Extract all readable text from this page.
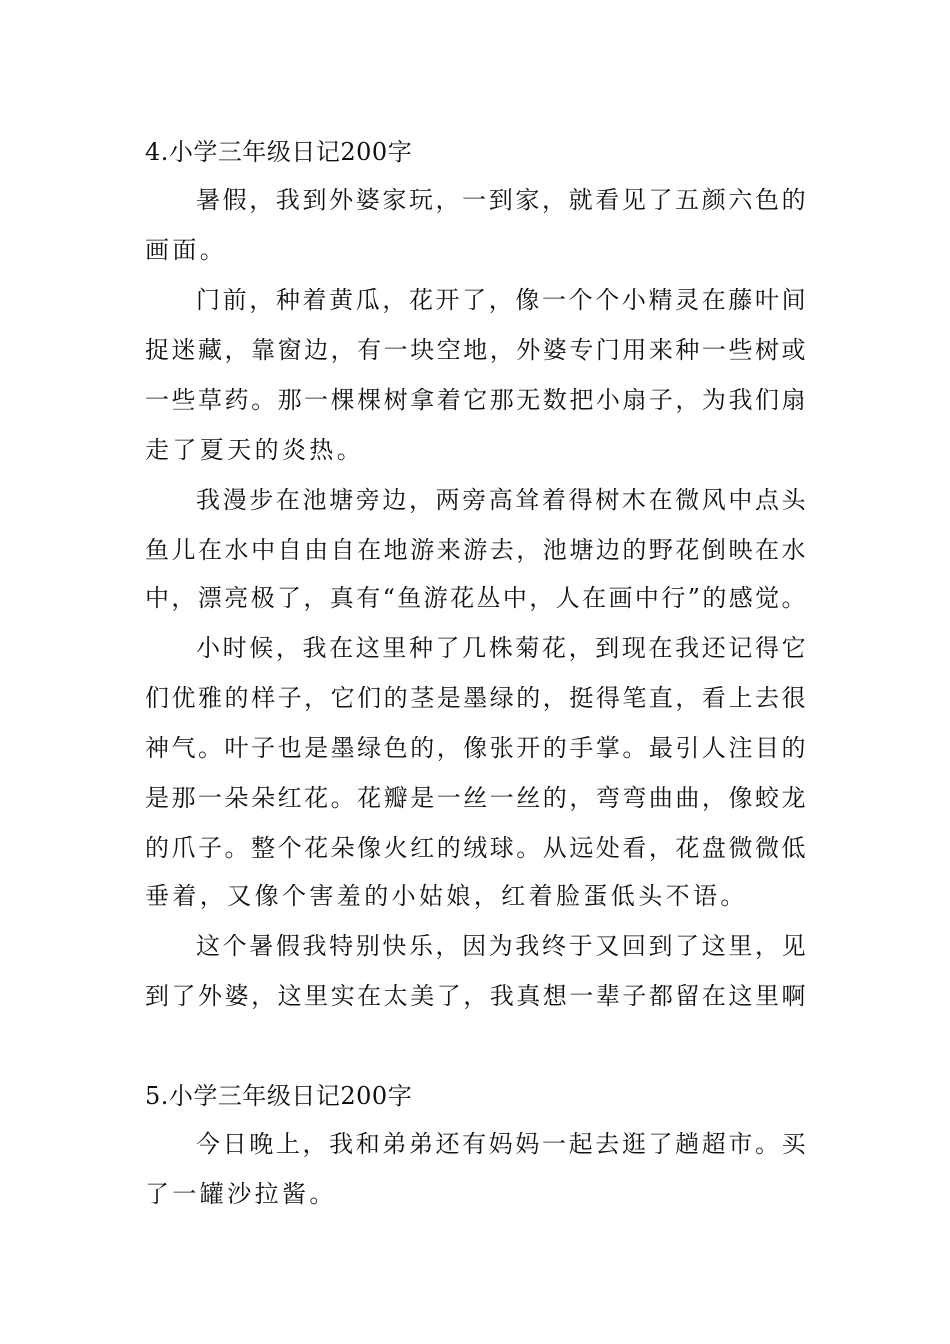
4.小学三年级日记200字
暑假，我到外婆家玩，一到家，就看见了五颜六色的
画面。
门前，种着黄瓜，花开了，像一个个小精灵在藤叶间
捉迷藏，靠窗边，有一块空地，外婆专门用来种一些树或
一些草药。那一棵棵树拿着它那无数把小扇子，为我们扇
走了夏天的炎热。
我漫步在池塘旁边，两旁高耸着得树木在微风中点头
鱼儿在水中自由自在地游来游去，池塘边的野花倒映在水
中，漂亮极了，真有“鱼游花丛中，人在画中行”的感觉。
小时候，我在这里种了几株菊花，到现在我还记得它
们优雅的样子，它们的茎是墨绿的，挺得笔直，看上去很
神气。叶子也是墨绿色的，像张开的手掌。最引人注目的
是那一朵朵红花。花瓣是一丝一丝的，弯弯曲曲，像蛟龙
的爪子。整个花朵像火红的绒球。从远处看，花盘微微低
垂着，又像个害羞的小姑娘，红着脸蛋低头不语。
这个暑假我特别快乐，因为我终于又回到了这里，见
到了外婆，这里实在太美了，我真想一辈子都留在这里啊
5.小学三年级日记200字
今日晚上，我和弟弟还有妈妈一起去逛了趟超市。买
了一罐沙拉酱。
